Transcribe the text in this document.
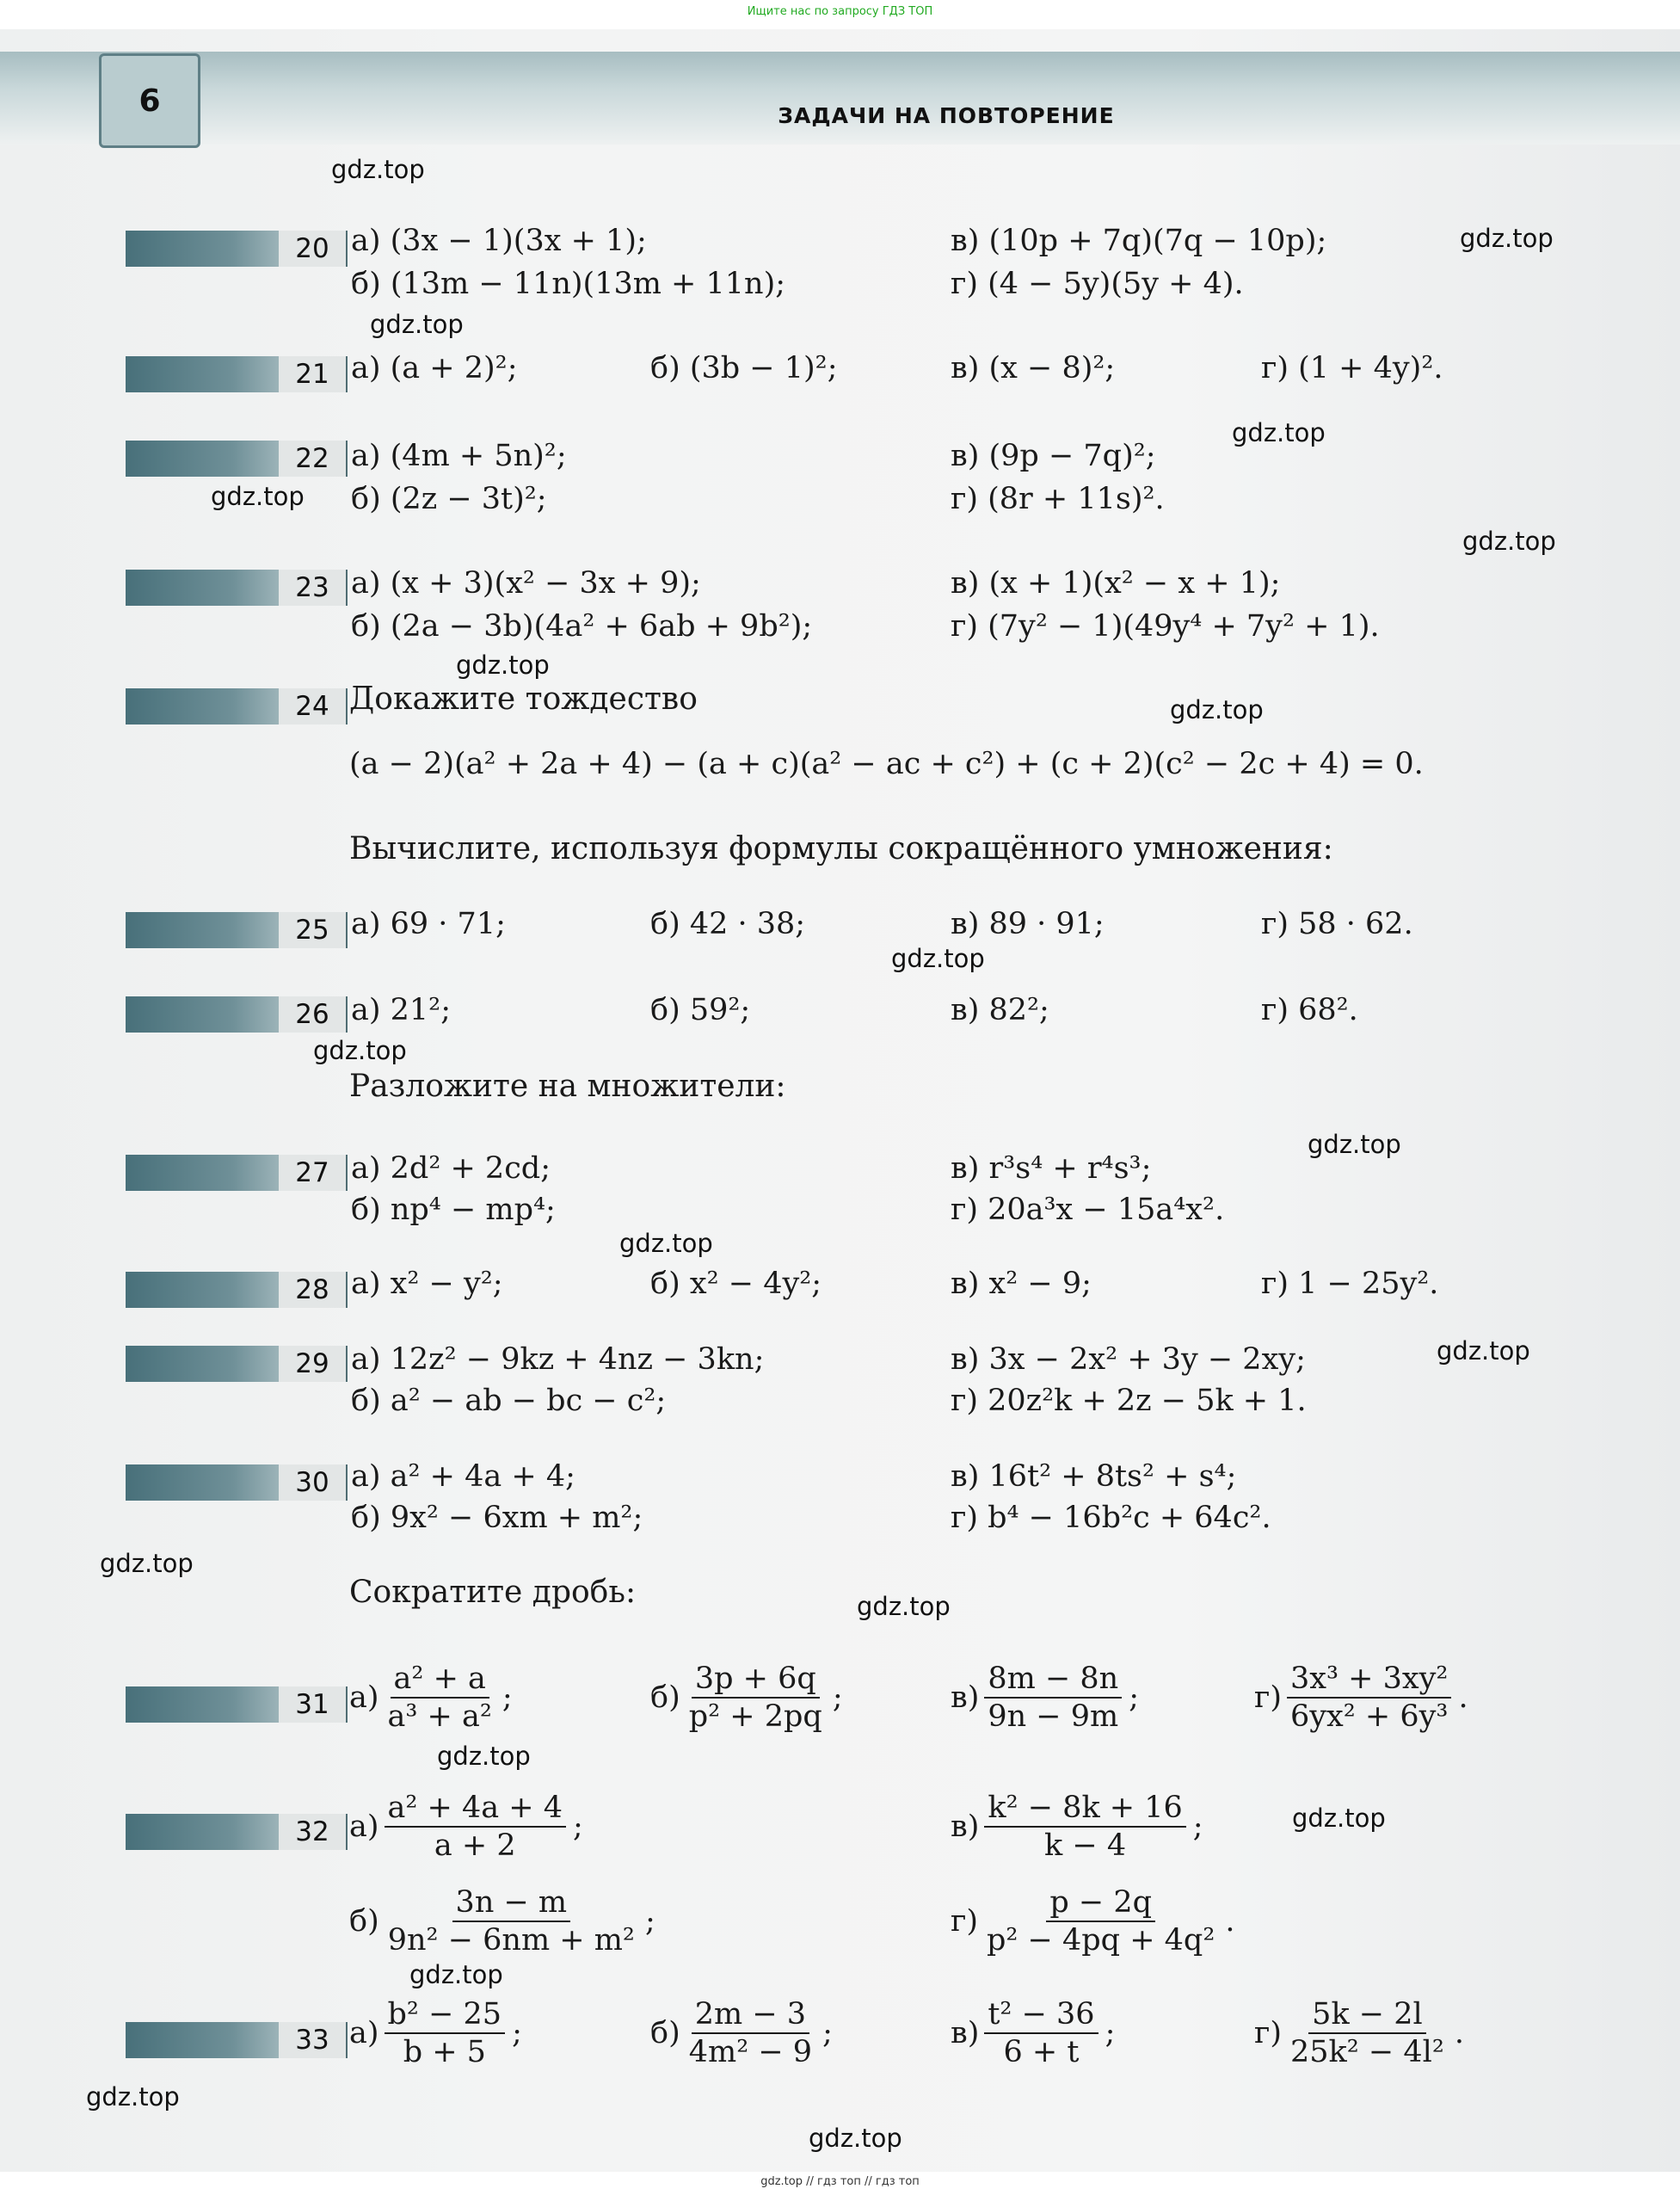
Ищите нас по запросу ГДЗ ТОП
6	ЗАДАЧИ НА ПОВТОРЕНИЕ
gdz.top
gdz.top
gdz.top
gdz.top
gdz.top
gdz.top
gdz.top
gdz.top
gdz.top
gdz.top
gdz.top
gdz.top
gdz.top
gdz.top
gdz.top
gdz.top
gdz.top
gdz.top
gdz.top
gdz.top
20 а) (3x − 1)(3x + 1);	в) (10p + 7q)(7q − 10p);
б) (13m − 11n)(13m + 11n);	г) (4 − 5y)(5y + 4).
21 а) (a + 2)²;	б) (3b − 1)²;	в) (x − 8)²;	г) (1 + 4y)².
22 а) (4m + 5n)²;	в) (9p − 7q)²;
б) (2z − 3t)²;	г) (8r + 11s)².
23 а) (x + 3)(x² − 3x + 9);	в) (x + 1)(x² − x + 1);
б) (2a − 3b)(4a² + 6ab + 9b²);	г) (7y² − 1)(49y⁴ + 7y² + 1).
24 Докажите тождество
(a − 2)(a² + 2a + 4) − (a + c)(a² − ac + c²) + (c + 2)(c² − 2c + 4) = 0.
Вычислите, используя формулы сокращённого умножения:
25 а) 69 · 71;	б) 42 · 38;	в) 89 · 91;	г) 58 · 62.
26 а) 21²;	б) 59²;	в) 82²;	г) 68².
Разложите на множители:
27 а) 2d² + 2cd;	в) r³s⁴ + r⁴s³;
б) np⁴ − mp⁴;	г) 20a³x − 15a⁴x².
28 а) x² − y²;	б) x² − 4y²;	в) x² − 9;	г) 1 − 25y².
29 а) 12z² − 9kz + 4nz − 3kn;	в) 3x − 2x² + 3y − 2xy;
б) a² − ab − bc − c²;	г) 20z²k + 2z − 5k + 1.
30 а) a² + 4a + 4;	в) 16t² + 8ts² + s⁴;
б) 9x² − 6xm + m²;	г) b⁴ − 16b²c + 64c².
Сократите дробь:
31 $а) \frac{\text{a² + a}}{\text{a³ + a²}}$ ;	$б) \frac{3p + 6q}{\text{p² + 2pq}}$ ;	$в) \frac{8m - 8n}{9n - 9m}$ ;	$г) \frac{\text{3x³ + 3xy²}}{\text{6yx² + 6y³}}$ .
32 $а) \frac{\text{a² + 4a + 4}}{a + 2}$ ;	$в) \frac{\text{k² − 8k + 16}}{k - 4}$ ;
$б) \frac{3n - m}{\text{9n² − 6nm + m²}}$ ;	$г) \frac{p - 2q}{\text{p² − 4pq + 4q²}}$ .
33 $а) \frac{\text{b² − 25}}{b + 5}$ ;	$б) \frac{2m - 3}{\text{4m² − 9}}$ ;	$в) \frac{\text{t² − 36}}{6 + t}$ ;	$г) \frac{5k - 2l}{\text{25k² − 4l²}}$ .
gdz.top // гдз топ // гдз топ
